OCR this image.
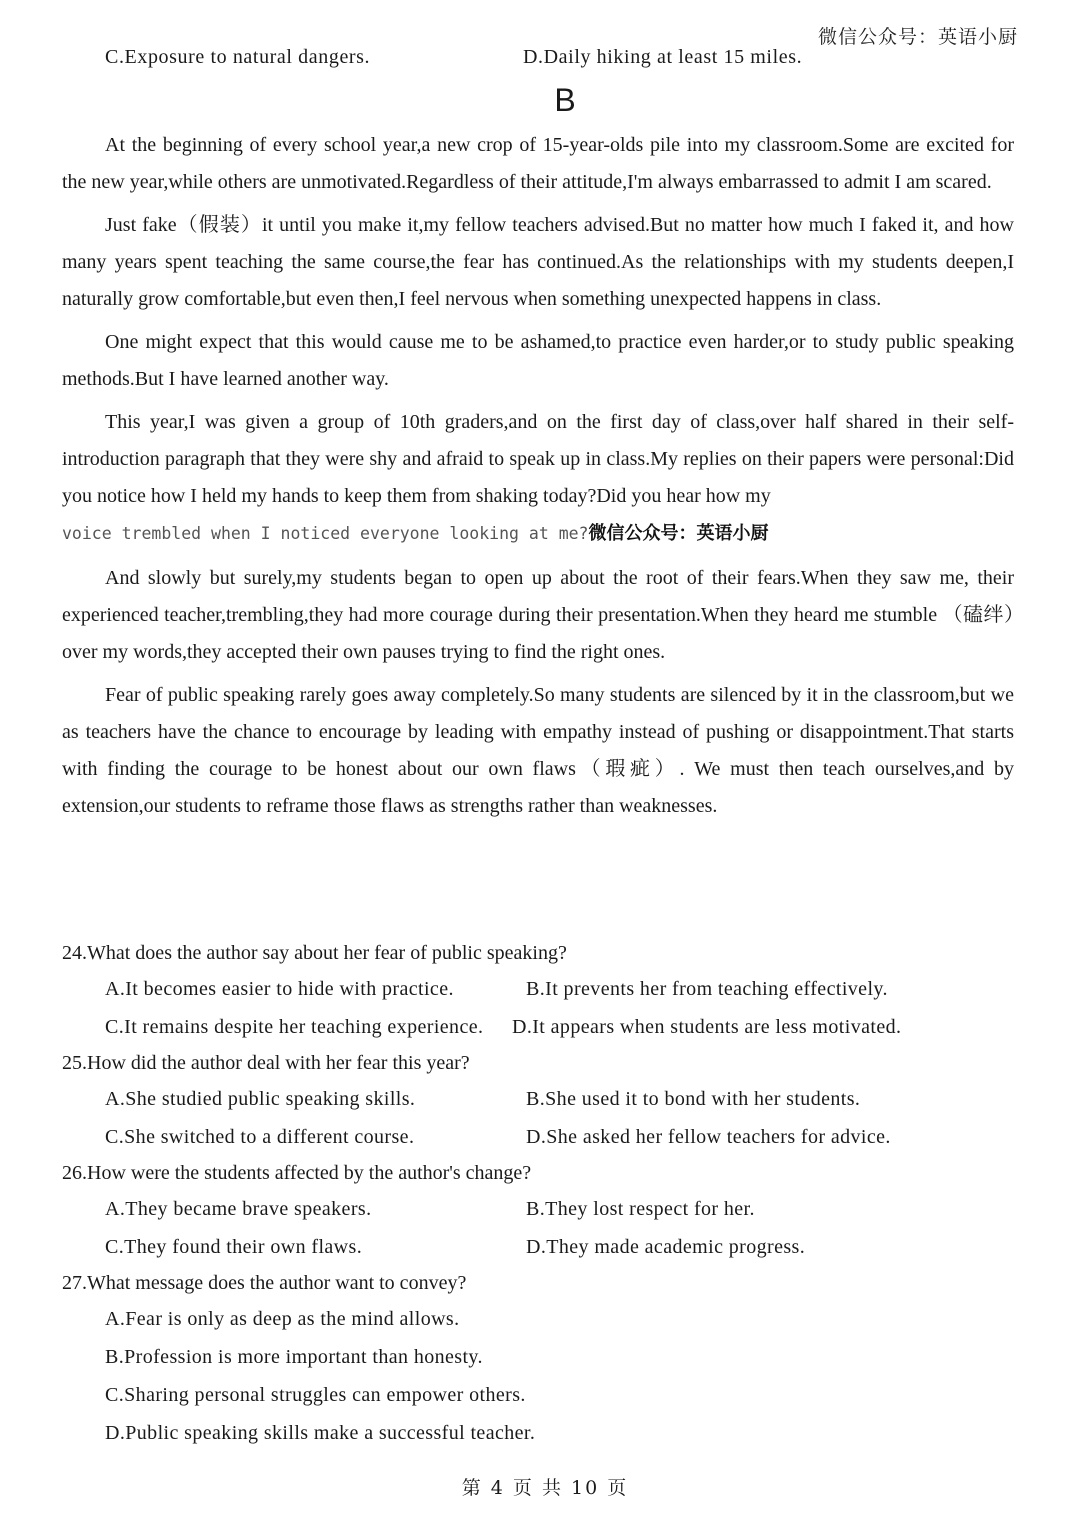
微信公众号：英语小厨
C.Exposure to natural dangers.	D.Daily hiking at least 15 miles.
B

At the beginning of every school year,a new crop of 15-year-olds pile into my classroom.Some are excited for the new year,while others are unmotivated.Regardless of their attitude,I'm always embarrassed to admit I am scared.

Just fake（假装）it until you make it,my fellow teachers advised.But no matter how much I faked it, and how many years spent teaching the same course,the fear has continued.As the relationships with my students deepen,I naturally grow comfortable,but even then,I feel nervous when something unexpected happens in class.

One might expect that this would cause me to be ashamed,to practice even harder,or to study public speaking methods.But I have learned another way.

This year,I was given a group of 10th graders,and on the first day of class,over half shared in their self-introduction paragraph that they were shy and afraid to speak up in class.My replies on their papers were personal:Did you notice how I held my hands to keep them from shaking today?Did you hear how my

voice trembled when I noticed everyone looking at me?微信公众号：英语小厨

And slowly but surely,my students began to open up about the root of their fears.When they saw me, their experienced teacher,trembling,they had more courage during their presentation.When they heard me stumble （磕绊）over my words,they accepted their own pauses trying to find the right ones.

Fear of public speaking rarely goes away completely.So many students are silenced by it in the classroom,but we as teachers have the chance to encourage by leading with empathy instead of pushing or disappointment.That starts with finding the courage to be honest about our own flaws（瑕疵）. We must then teach ourselves,and by extension,our students to reframe those flaws as strengths rather than weaknesses.

24.What does the author say about her fear of public speaking?
A.It becomes easier to hide with practice.	B.It prevents her from teaching effectively.
C.It remains despite her teaching experience. D.It appears when students are less motivated.
25.How did the author deal with her fear this year?
A.She studied public speaking skills.	B.She used it to bond with her students.
C.She switched to a different course.	D.She asked her fellow teachers for advice.
26.How were the students affected by the author's change?
A.They became brave speakers.	B.They lost respect for her.
C.They found their own flaws.	D.They made academic progress.
27.What message does the author want to convey?
A.Fear is only as deep as the mind allows.
B.Profession is more important than honesty.
C.Sharing personal struggles can empower others.
D.Public speaking skills make a successful teacher.
第 4 页 共 10 页
